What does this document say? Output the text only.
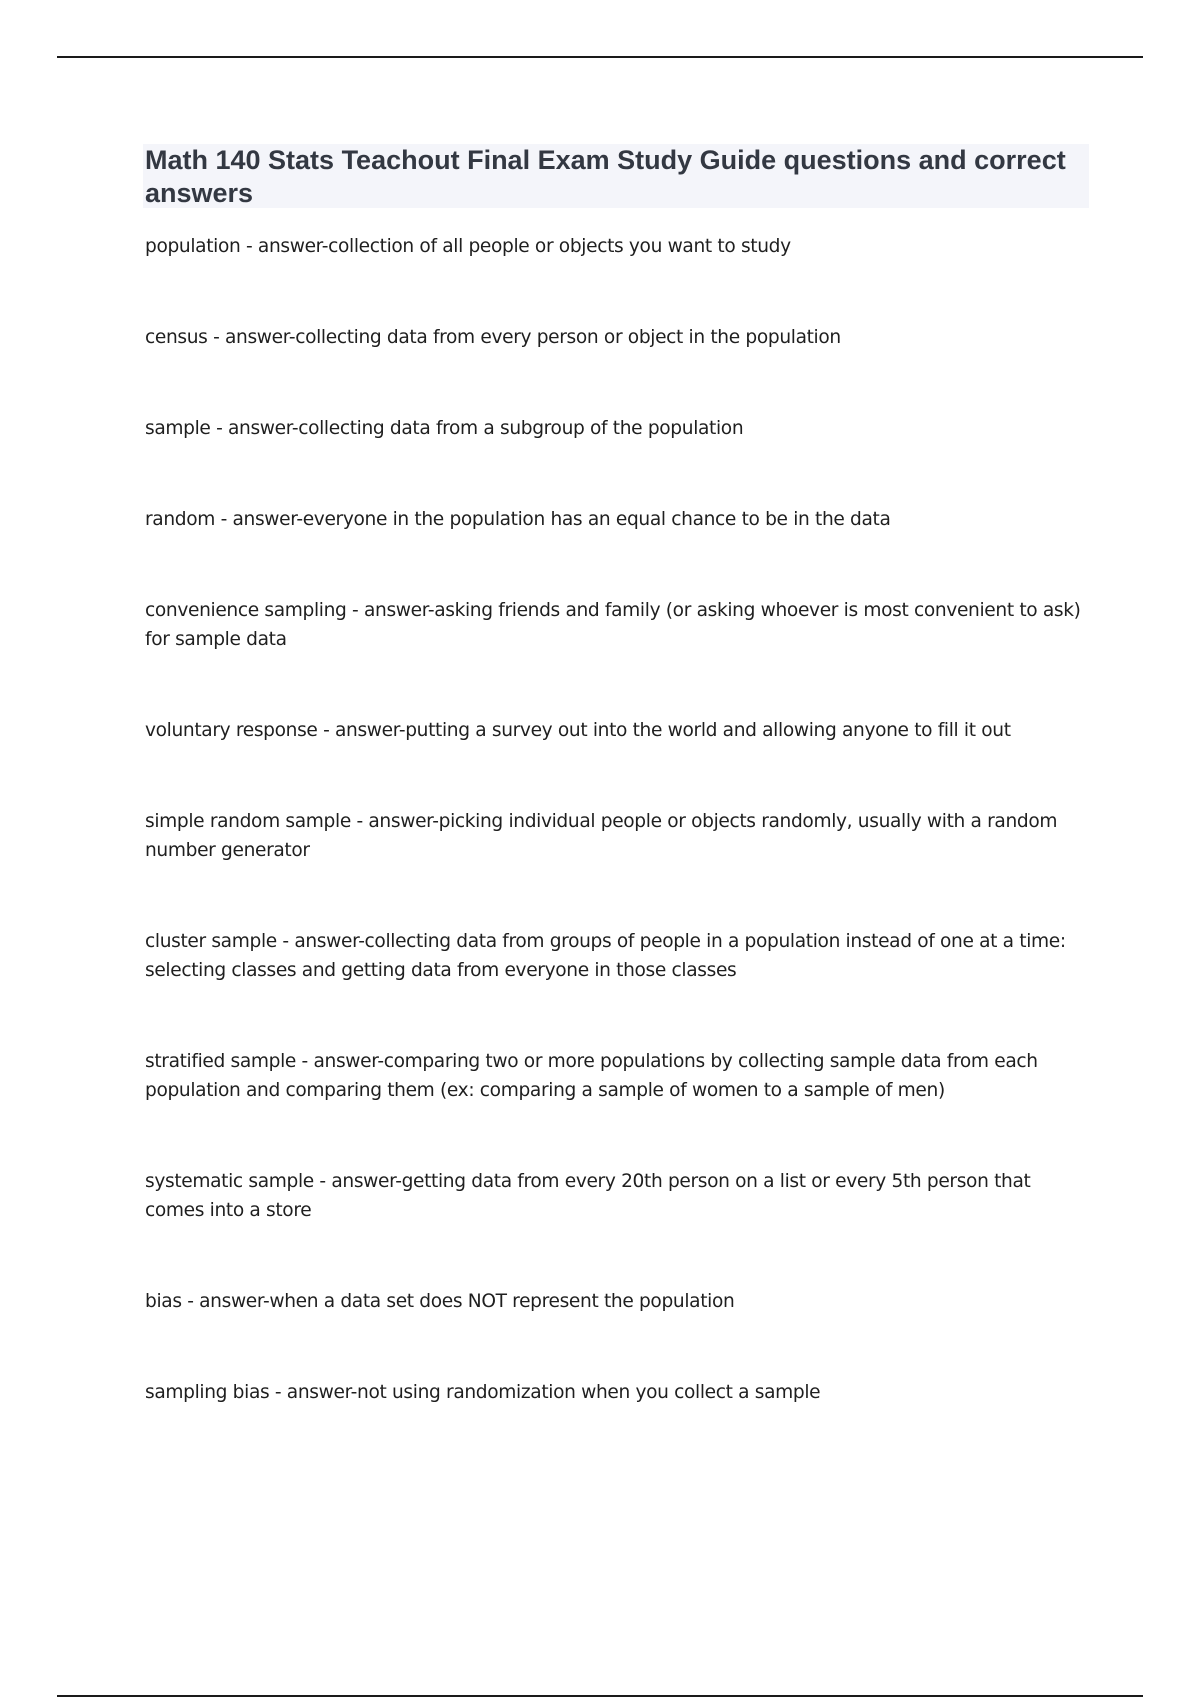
Math 140 Stats Teachout Final Exam Study Guide questions and correct answers

population - answer-collection of all people or objects you want to study

census - answer-collecting data from every person or object in the population

sample - answer-collecting data from a subgroup of the population

random - answer-everyone in the population has an equal chance to be in the data

convenience sampling - answer-asking friends and family (or asking whoever is most convenient to ask) for sample data

voluntary response - answer-putting a survey out into the world and allowing anyone to fill it out

simple random sample - answer-picking individual people or objects randomly, usually with a random number generator

cluster sample - answer-collecting data from groups of people in a population instead of one at a time: selecting classes and getting data from everyone in those classes

stratified sample - answer-comparing two or more populations by collecting sample data from each population and comparing them (ex: comparing a sample of women to a sample of men)

systematic sample - answer-getting data from every 20th person on a list or every 5th person that comes into a store

bias - answer-when a data set does NOT represent the population

sampling bias - answer-not using randomization when you collect a sample
